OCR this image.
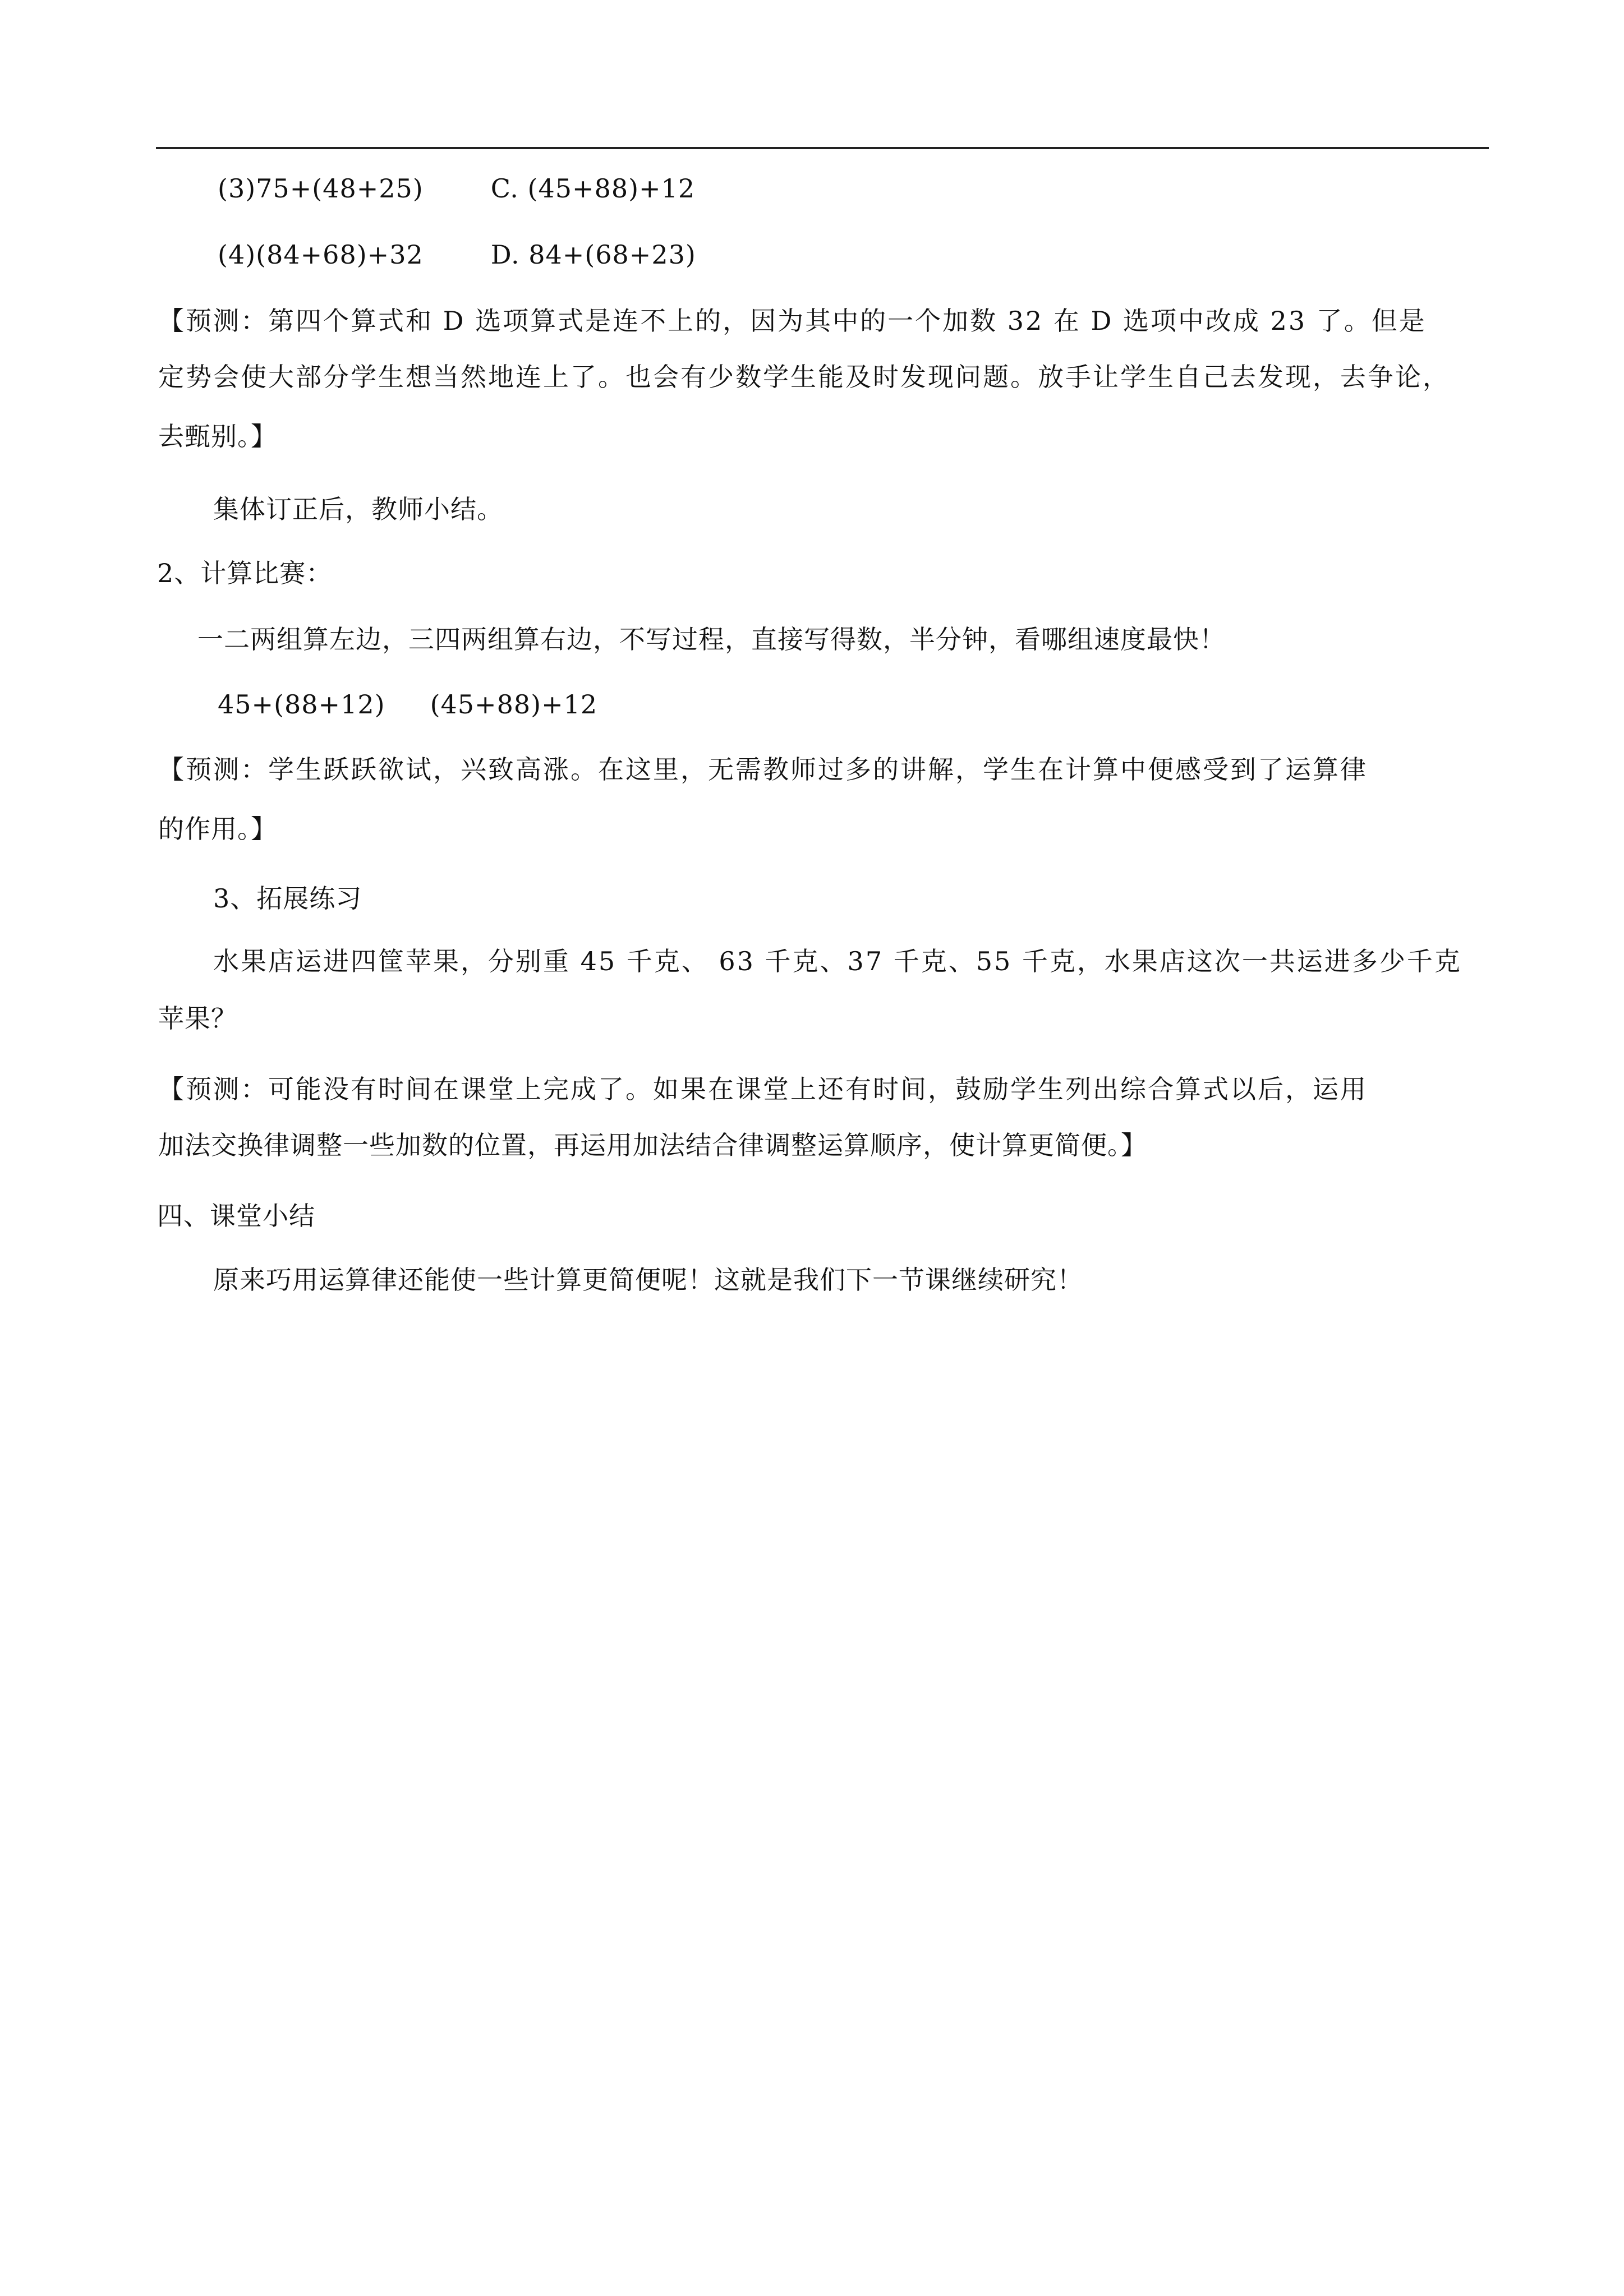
(3)75+(48+25)	C. (45+88)+12
(4)(84+68)+32	D. 84+(68+23)
【预测：第四个算式和 D 选项算式是连不上的，因为其中的一个加数 32 在 D 选项中改成 23 了。但是
定势会使大部分学生想当然地连上了。也会有少数学生能及时发现问题。放手让学生自己去发现，去争论，
去甄别。】
集体订正后，教师小结。
2、计算比赛：
一二两组算左边，三四两组算右边，不写过程，直接写得数，半分钟，看哪组速度最快！
45+(88+12) (45+88)+12
【预测：学生跃跃欲试，兴致高涨。在这里，无需教师过多的讲解，学生在计算中便感受到了运算律
的作用。】
3、拓展练习
水果店运进四筐苹果，分别重 45 千克、 63 千克、37 千克、55 千克，水果店这次一共运进多少千克
苹果？
【预测：可能没有时间在课堂上完成了。如果在课堂上还有时间，鼓励学生列出综合算式以后，运用
加法交换律调整一些加数的位置，再运用加法结合律调整运算顺序，使计算更简便。】
四、课堂小结
原来巧用运算律还能使一些计算更简便呢！这就是我们下一节课继续研究！
